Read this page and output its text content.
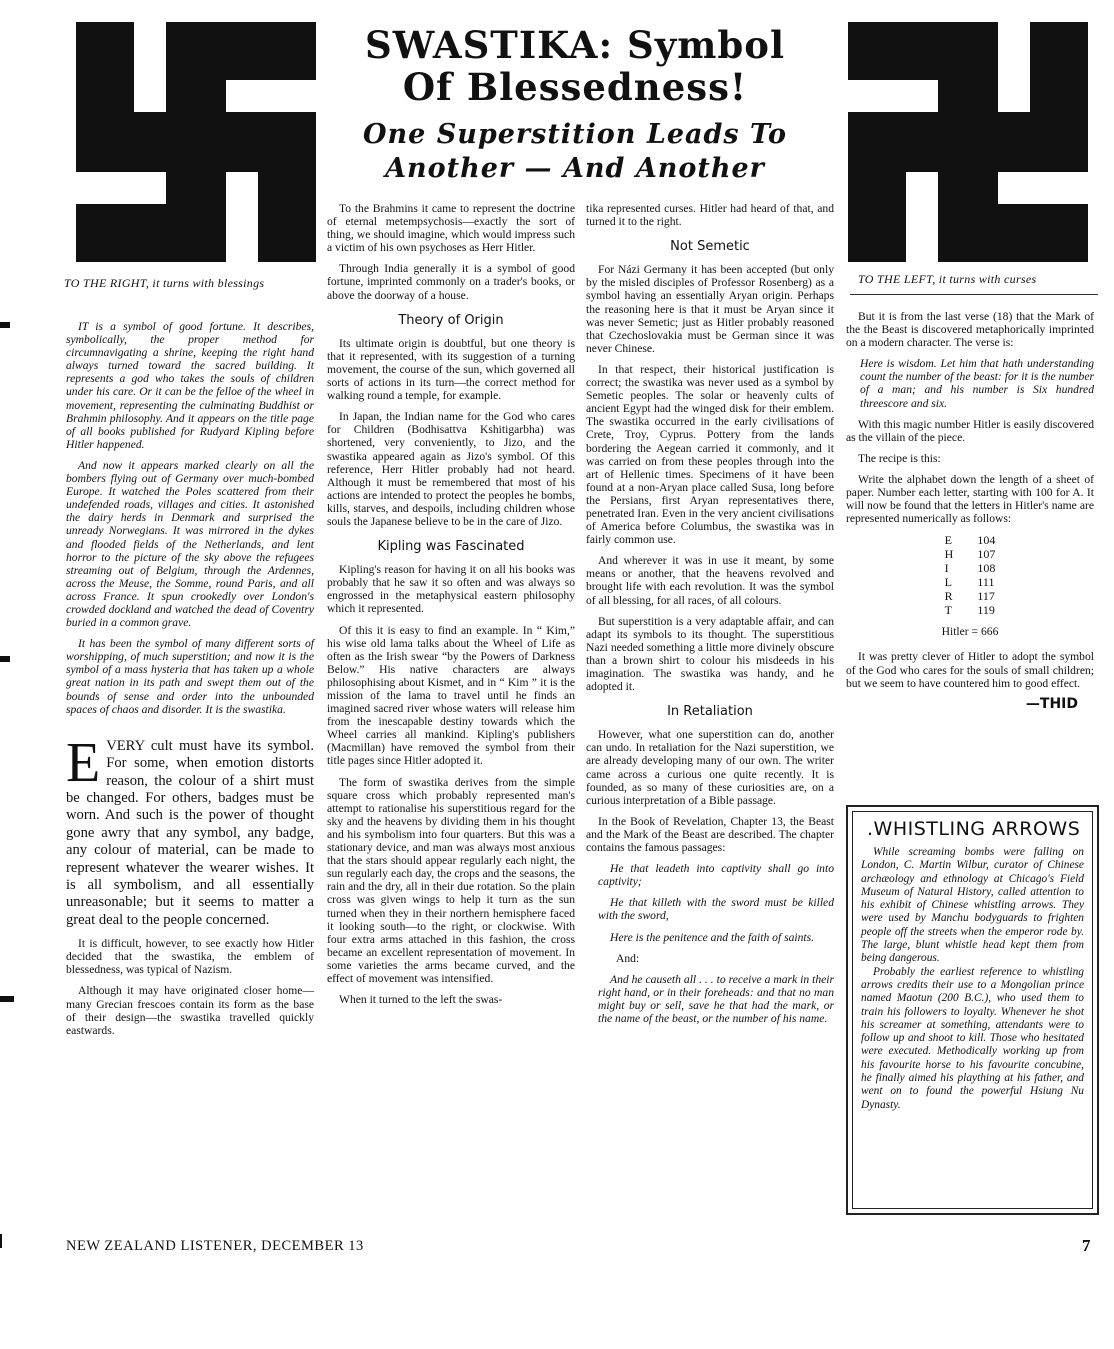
TO THE RIGHT, it turns with blessings	TO THE LEFT, it turns with curses
SWASTIKA: Symbol
Of Blessedness!
One Superstition Leads To
Another — And Another

IT is a symbol of good fortune. It describes, symbolically, the proper method for circumnavigating a shrine, keeping the right hand always turned toward the sacred building. It represents a god who takes the souls of children under his care. Or it can be the felloe of the wheel in movement, representing the culminating Buddhist or Brahmin philosophy. And it appears on the title page of all books published for Rudyard Kipling before Hitler happened.

And now it appears marked clearly on all the bombers flying out of Germany over much-bombed Europe. It watched the Poles scattered from their undefended roads, villages and cities. It astonished the dairy herds in Denmark and surprised the unready Norwegians. It was mirrored in the dykes and flooded fields of the Netherlands, and lent horror to the picture of the sky above the refugees streaming out of Belgium, through the Ardennes, across the Meuse, the Somme, round Paris, and all across France. It spun crookedly over London's crowded dockland and watched the dead of Coventry buried in a common grave.

It has been the symbol of many different sorts of worshipping, of much superstition; and now it is the symbol of a mass hysteria that has taken up a whole great nation in its path and swept them out of the bounds of sense and order into the unbounded spaces of chaos and disorder. It is the swastika.

EVERY cult must have its symbol. For some, when emotion distorts reason, the colour of a shirt must be changed. For others, badges must be worn. And such is the power of thought gone awry that any symbol, any badge, any colour of material, can be made to represent whatever the wearer wishes. It is all symbolism, and all essentially unreasonable; but it seems to matter a great deal to the people concerned.

It is difficult, however, to see exactly how Hitler decided that the swastika, the emblem of blessedness, was typical of Nazism.

Although it may have originated closer home—many Grecian frescoes contain its form as the base of their design—the swastika travelled quickly eastwards.

To the Brahmins it came to represent the doctrine of eternal metempsychosis—exactly the sort of thing, we should imagine, which would impress such a victim of his own psychoses as Herr Hitler.

Through India generally it is a symbol of good fortune, imprinted commonly on a trader's books, or above the doorway of a house.

Theory of Origin

Its ultimate origin is doubtful, but one theory is that it represented, with its suggestion of a turning movement, the course of the sun, which governed all sorts of actions in its turn—the correct method for walking round a temple, for example.

In Japan, the Indian name for the God who cares for Children (Bodhisattva Kshitigarbha) was shortened, very conveniently, to Jizo, and the swastika appeared again as Jizo's symbol. Of this reference, Herr Hitler probably had not heard. Although it must be remembered that most of his actions are intended to protect the peoples he bombs, kills, starves, and despoils, including children whose souls the Japanese believe to be in the care of Jizo.

Kipling was Fascinated

Kipling's reason for having it on all his books was probably that he saw it so often and was always so engrossed in the metaphysical eastern philosophy which it represented.

Of this it is easy to find an example. In “ Kim,” his wise old lama talks about the Wheel of Life as often as the Irish swear “by the Powers of Darkness Below.” His native characters are always philosophising about Kismet, and in “ Kim ” it is the mission of the lama to travel until he finds an imagined sacred river whose waters will release him from the inescapable destiny towards which the Wheel carries all mankind. Kipling's publishers (Macmillan) have removed the symbol from their title pages since Hitler adopted it.

The form of swastika derives from the simple square cross which probably represented man's attempt to rationalise his superstitious regard for the sky and the heavens by dividing them in his thought and his symbolism into four quarters. But this was a stationary device, and man was always most anxious that the stars should appear regularly each night, the sun regularly each day, the crops and the seasons, the rain and the dry, all in their due rotation. So the plain cross was given wings to help it turn as the sun turned when they in their northern hemisphere faced it looking south—to the right, or clockwise. With four extra arms attached in this fashion, the cross became an excellent representation of movement. In some varieties the arms became curved, and the effect of movement was intensified.

When it turned to the left the swas-

tika represented curses. Hitler had heard of that, and turned it to the right.

Not Semetic

For Názi Germany it has been accepted (but only by the misled disciples of Professor Rosenberg) as a symbol having an essentially Aryan origin. Perhaps the reasoning here is that it must be Aryan since it was never Semetic; just as Hitler probably reasoned that Czechoslovakia must be German since it was never Chinese.

In that respect, their historical justification is correct; the swastika was never used as a symbol by Semetic peoples. The solar or heavenly cults of ancient Egypt had the winged disk for their emblem. The swastika occurred in the early civilisations of Crete, Troy, Cyprus. Pottery from the lands bordering the Aegean carried it commonly, and it was carried on from these peoples through into the art of Hellenic times. Specimens of it have been found at a non-Aryan place called Susa, long before the Persians, first Aryan representatives there, penetrated Iran. Even in the very ancient civilisations of America before Columbus, the swastika was in fairly common use.

And wherever it was in use it meant, by some means or another, that the heavens revolved and brought life with each revolution. It was the symbol of all blessing, for all races, of all colours.

But superstition is a very adaptable affair, and can adapt its symbols to its thought. The superstitious Nazi needed something a little more divinely obscure than a brown shirt to colour his misdeeds in his imagination. The swastika was handy, and he adopted it.

In Retaliation

However, what one superstition can do, another can undo. In retaliation for the Nazi superstition, we are already developing many of our own. The writer came across a curious one quite recently. It is founded, as so many of these curiosities are, on a curious interpretation of a Bible passage.

In the Book of Revelation, Chapter 13, the Beast and the Mark of the Beast are described. The chapter contains the famous passages:

He that leadeth into captivity shall go into captivity;

He that killeth with the sword must be killed with the sword,

Here is the penitence and the faith of saints.

And:

And he causeth all . . . to receive a mark in their right hand, or in their foreheads: and that no man might buy or sell, save he that had the mark, or the name of the beast, or the number of his name.

But it is from the last verse (18) that the Mark of the the Beast is discovered metaphorically imprinted on a modern character. The verse is:

Here is wisdom. Let him that hath understanding count the number of the beast: for it is the number of a man; and his number is Six hundred threescore and six.

With this magic number Hitler is easily discovered as the villain of the piece.

The recipe is this:

Write the alphabet down the length of a sheet of paper. Number each letter, starting with 100 for A. It will now be found that the letters in Hitler's name are represented numerically as follows:

E	104
H	107
I	108
L	111
R	117
T	119
Hitler = 666

It was pretty clever of Hitler to adopt the symbol of the God who cares for the souls of small children; but we seem to have countered him to good effect.

—THID
.WHISTLING ARROWS

While screaming bombs were falling on London, C. Martin Wilbur, curator of Chinese archæology and ethnology at Chicago's Field Museum of Natural History, called attention to his exhibit of Chinese whistling arrows. They were used by Manchu bodyguards to frighten people off the streets when the emperor rode by. The large, blunt whistle head kept them from being dangerous.

Probably the earliest reference to whistling arrows credits their use to a Mongolian prince named Maotun (200 B.C.), who used them to train his followers to loyalty. Whenever he shot his screamer at something, attendants were to follow up and shoot to kill. Those who hesitated were executed. Methodically working up from his favourite horse to his favourite concubine, he finally aimed his plaything at his father, and went on to found the powerful Hsiung Nu Dynasty.

NEW ZEALAND LISTENER, DECEMBER 13	7
